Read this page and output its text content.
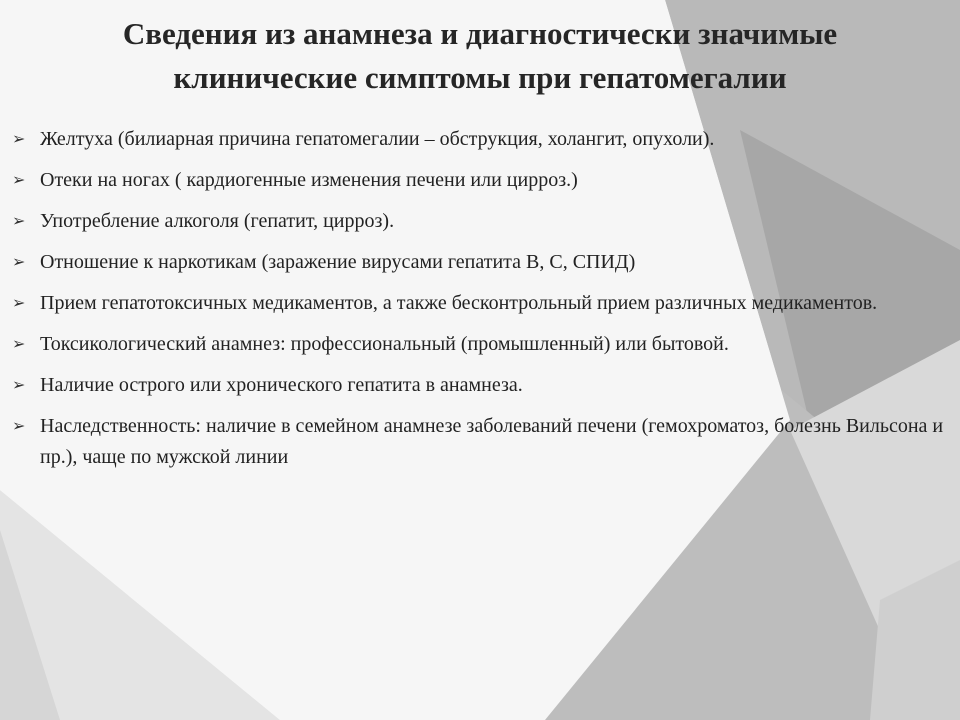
Сведения из анамнеза и диагностически значимые
клинические симптомы при гепатомегалии
➢ Желтуха (билиарная причина гепатомегалии – обструкция, холангит, опухоли).
➢ Отеки на ногах ( кардиогенные изменения печени или цирроз.)
➢ Употребление алкоголя (гепатит, цирроз).
➢ Отношение к наркотикам (заражение вирусами гепатита В, С, СПИД)
➢ Прием гепатотоксичных медикаментов, а также бесконтрольный прием различных медикаментов.
➢ Токсикологический анамнез: профессиональный (промышленный) или бытовой.
➢ Наличие острого или хронического гепатита в анамнеза.
➢ Наследственность: наличие в семейном анамнезе заболеваний печени (гемохроматоз, болезнь Вильсона и пр.), чаще по мужской линии
